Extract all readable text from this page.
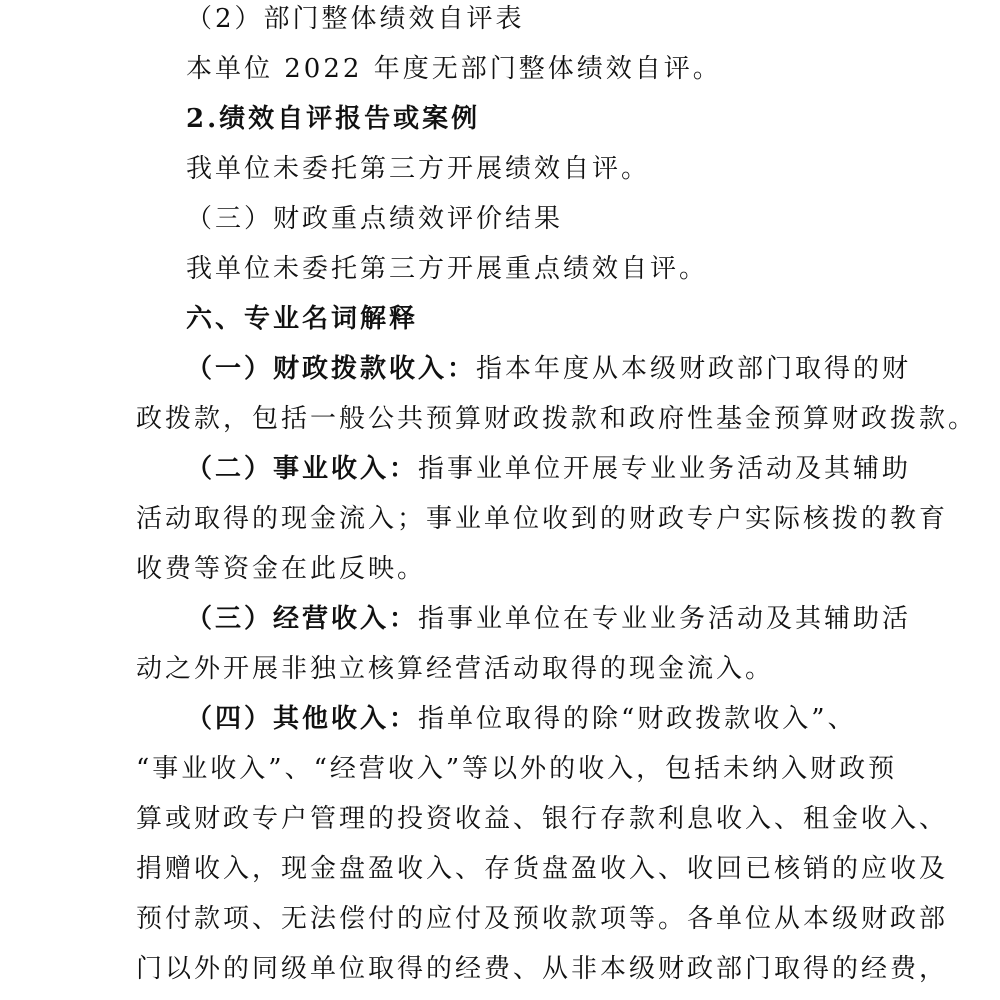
（2）部门整体绩效自评表
本单位 2022 年度无部门整体绩效自评。
2.绩效自评报告或案例
我单位未委托第三方开展绩效自评。
（三）财政重点绩效评价结果
我单位未委托第三方开展重点绩效自评。
六、专业名词解释
（一）财政拨款收入：指本年度从本级财政部门取得的财
政拨款，包括一般公共预算财政拨款和政府性基金预算财政拨款。
（二）事业收入：指事业单位开展专业业务活动及其辅助
活动取得的现金流入；事业单位收到的财政专户实际核拨的教育
收费等资金在此反映。
（三）经营收入：指事业单位在专业业务活动及其辅助活
动之外开展非独立核算经营活动取得的现金流入。
（四）其他收入：指单位取得的除“财政拨款收入”、
“事业收入”、“经营收入”等以外的收入，包括未纳入财政预
算或财政专户管理的投资收益、银行存款利息收入、租金收入、
捐赠收入，现金盘盈收入、存货盘盈收入、收回已核销的应收及
预付款项、无法偿付的应付及预收款项等。各单位从本级财政部
门以外的同级单位取得的经费、从非本级财政部门取得的经费，
